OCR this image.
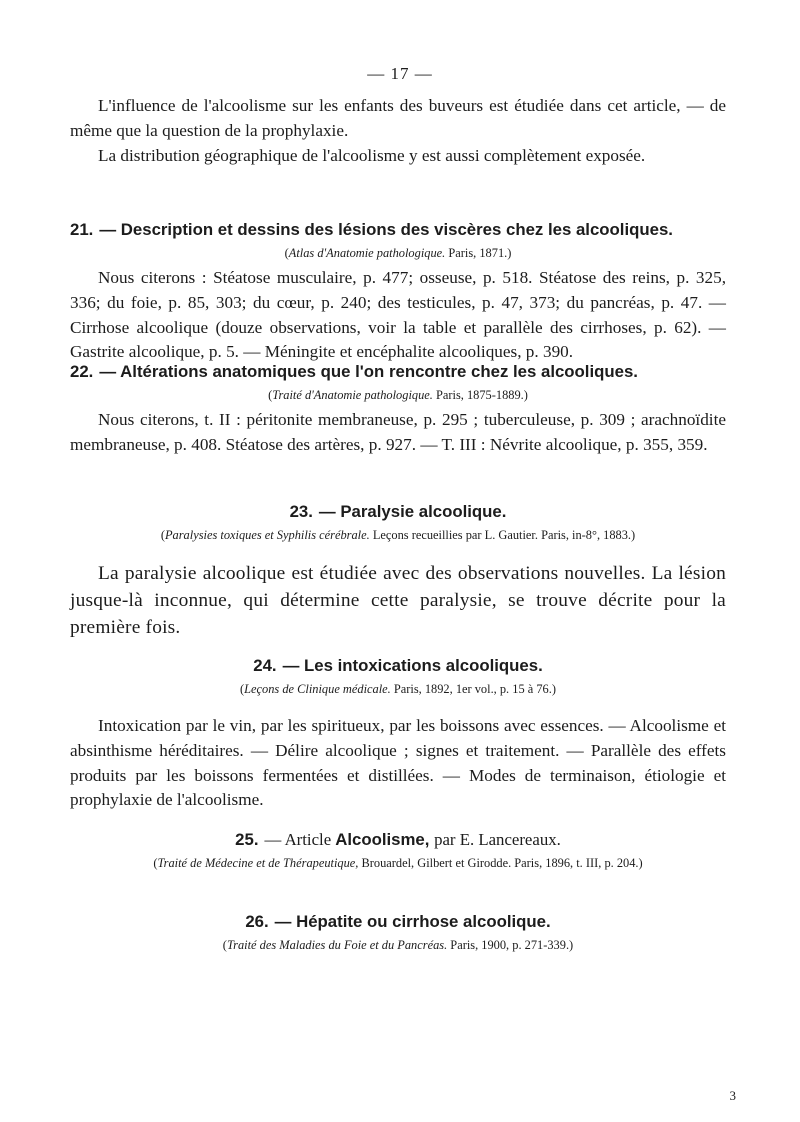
— 17 —

L'influence de l'alcoolisme sur les enfants des buveurs est étudiée dans cet article, — de même que la question de la prophylaxie.

La distribution géographique de l'alcoolisme y est aussi complètement exposée.

21. — Description et dessins des lésions des viscères chez les alcooliques.

(Atlas d'Anatomie pathologique. Paris, 1871.)

Nous citerons : Stéatose musculaire, p. 477; osseuse, p. 518. Stéatose des reins, p. 325, 336; du foie, p. 85, 303; du cœur, p. 240; des testicules, p. 47, 373; du pancréas, p. 47. — Cirrhose alcoolique (douze observations, voir la table et parallèle des cirrhoses, p. 62). — Gastrite alcoolique, p. 5. — Méningite et encéphalite alcooliques, p. 390.

22. — Altérations anatomiques que l'on rencontre chez les alcooliques.

(Traité d'Anatomie pathologique. Paris, 1875-1889.)

Nous citerons, t. II : péritonite membraneuse, p. 295 ; tuberculeuse, p. 309 ; arachnoïdite membraneuse, p. 408. Stéatose des artères, p. 927. — T. III : Névrite alcoolique, p. 355, 359.

23. — Paralysie alcoolique.

(Paralysies toxiques et Syphilis cérébrale. Leçons recueillies par L. Gautier. Paris, in-8°, 1883.)

La paralysie alcoolique est étudiée avec des observations nouvelles. La lésion jusque-là inconnue, qui détermine cette paralysie, se trouve décrite pour la première fois.

24. — Les intoxications alcooliques.

(Leçons de Clinique médicale. Paris, 1892, 1er vol., p. 15 à 76.)

Intoxication par le vin, par les spiritueux, par les boissons avec essences. — Alcoolisme et absinthisme héréditaires. — Délire alcoolique ; signes et traitement. — Parallèle des effets produits par les boissons fermentées et distillées. — Modes de terminaison, étiologie et prophylaxie de l'alcoolisme.

25. — Article Alcoolisme, par E. Lancereaux.

(Traité de Médecine et de Thérapeutique, Brouardel, Gilbert et Girodde. Paris, 1896, t. III, p. 204.)

26. — Hépatite ou cirrhose alcoolique.

(Traité des Maladies du Foie et du Pancréas. Paris, 1900, p. 271-339.)

3
